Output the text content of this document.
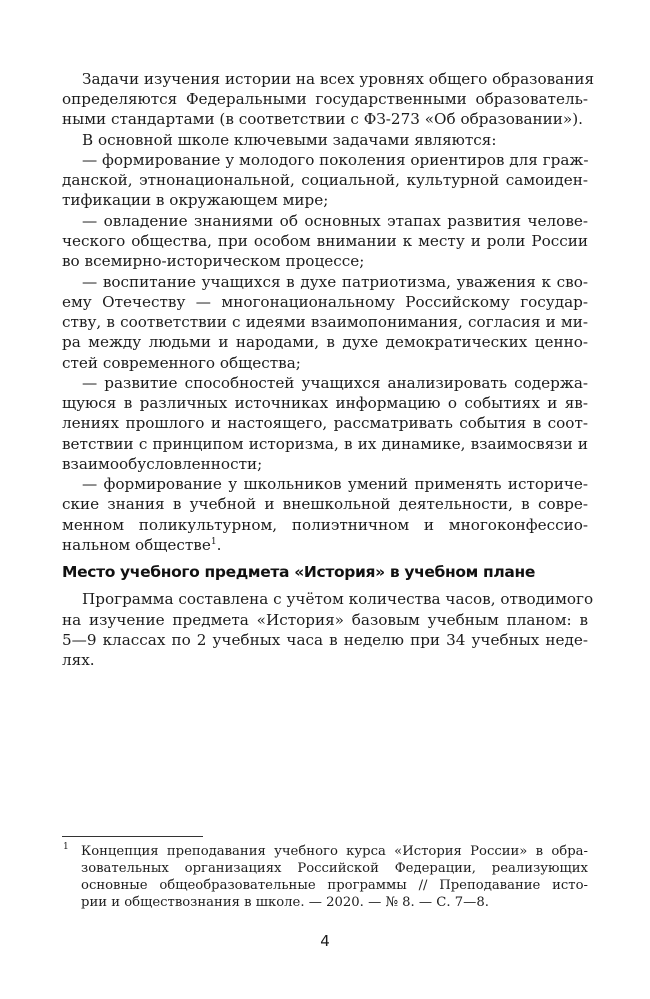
Задачи изучения истории на всех уровнях общего образования
определяются Федеральными государственными образователь-
ными стандартами (в соответствии с ФЗ-273 «Об образовании»).
В основной школе ключевыми задачами являются:
— формирование у молодого поколения ориентиров для граж-
данской, этнонациональной, социальной, культурной самоиден-
тификации в окружающем мире;
— овладение знаниями об основных этапах развития челове-
ческого общества, при особом внимании к месту и роли России
во всемирно-историческом процессе;
— воспитание учащихся в духе патриотизма, уважения к сво-
ему Отечеству — многонациональному Российскому государ-
ству, в соответствии с идеями взаимопонимания, согласия и ми-
ра между людьми и народами, в духе демократических ценно-
стей современного общества;
— развитие способностей учащихся анализировать содержа-
щуюся в различных источниках информацию о событиях и яв-
лениях прошлого и настоящего, рассматривать события в соот-
ветствии с принципом историзма, в их динамике, взаимосвязи и
взаимообусловленности;
— формирование у школьников умений применять историче-
ские знания в учебной и внешкольной деятельности, в совре-
менном поликультурном, полиэтничном и многоконфессио-
нальном обществе$^1$.
Место учебного предмета «История» в учебном плане
Программа составлена с учётом количества часов, отводимого
на изучение предмета «История» базовым учебным планом: в
5—9 классах по 2 учебных часа в неделю при 34 учебных неде-
лях.
1 Концепция преподавания учебного курса «История России» в обра-
зовательных организациях Российской Федерации, реализующих
основные общеобразовательные программы // Преподавание исто-
рии и обществознания в школе. — 2020. — № 8. — С. 7—8.
4
